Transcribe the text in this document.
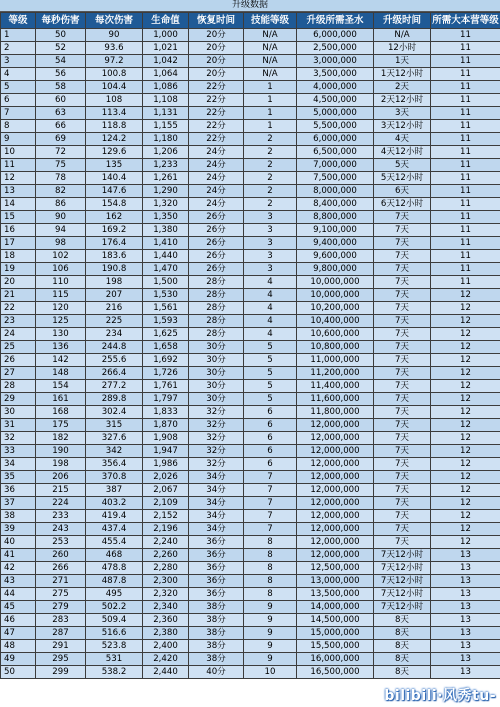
升级数据
等级	每秒伤害	每次伤害	生命值	恢复时间	技能等级	升级所需圣水	升级时间	所需大本营等级
1	50	90	1,000	20分	N/A	6,000,000	N/A	11
2	52	93.6	1,021	20分	N/A	2,500,000	12小时	11
3	54	97.2	1,042	20分	N/A	3,000,000	1天	11
4	56	100.8	1,064	20分	N/A	3,500,000	1天12小时	11
5	58	104.4	1,086	22分	1	4,000,000	2天	11
6	60	108	1,108	22分	1	4,500,000	2天12小时	11
7	63	113.4	1,131	22分	1	5,000,000	3天	11
8	66	118.8	1,155	22分	1	5,500,000	3天12小时	11
9	69	124.2	1,180	22分	2	6,000,000	4天	11
10	72	129.6	1,206	24分	2	6,500,000	4天12小时	11
11	75	135	1,233	24分	2	7,000,000	5天	11
12	78	140.4	1,261	24分	2	7,500,000	5天12小时	11
13	82	147.6	1,290	24分	2	8,000,000	6天	11
14	86	154.8	1,320	24分	2	8,400,000	6天12小时	11
15	90	162	1,350	26分	3	8,800,000	7天	11
16	94	169.2	1,380	26分	3	9,100,000	7天	11
17	98	176.4	1,410	26分	3	9,400,000	7天	11
18	102	183.6	1,440	26分	3	9,600,000	7天	11
19	106	190.8	1,470	26分	3	9,800,000	7天	11
20	110	198	1,500	28分	4	10,000,000	7天	11
21	115	207	1,530	28分	4	10,000,000	7天	12
22	120	216	1,561	28分	4	10,200,000	7天	12
23	125	225	1,593	28分	4	10,400,000	7天	12
24	130	234	1,625	28分	4	10,600,000	7天	12
25	136	244.8	1,658	30分	5	10,800,000	7天	12
26	142	255.6	1,692	30分	5	11,000,000	7天	12
27	148	266.4	1,726	30分	5	11,200,000	7天	12
28	154	277.2	1,761	30分	5	11,400,000	7天	12
29	161	289.8	1,797	30分	5	11,600,000	7天	12
30	168	302.4	1,833	32分	6	11,800,000	7天	12
31	175	315	1,870	32分	6	12,000,000	7天	12
32	182	327.6	1,908	32分	6	12,000,000	7天	12
33	190	342	1,947	32分	6	12,000,000	7天	12
34	198	356.4	1,986	32分	6	12,000,000	7天	12
35	206	370.8	2,026	34分	7	12,000,000	7天	12
36	215	387	2,067	34分	7	12,000,000	7天	12
37	224	403.2	2,109	34分	7	12,000,000	7天	12
38	233	419.4	2,152	34分	7	12,000,000	7天	12
39	243	437.4	2,196	34分	7	12,000,000	7天	12
40	253	455.4	2,240	36分	8	12,000,000	7天	12
41	260	468	2,260	36分	8	12,000,000	7天12小时	13
42	266	478.8	2,280	36分	8	12,500,000	7天12小时	13
43	271	487.8	2,300	36分	8	13,000,000	7天12小时	13
44	275	495	2,320	36分	8	13,500,000	7天12小时	13
45	279	502.2	2,340	38分	9	14,000,000	7天12小时	13
46	283	509.4	2,360	38分	9	14,500,000	8天	13
47	287	516.6	2,380	38分	9	15,000,000	8天	13
48	291	523.8	2,400	38分	9	15,500,000	8天	13
49	295	531	2,420	38分	9	16,000,000	8天	13
50	299	538.2	2,440	40分	10	16,500,000	8天	13
bilibili·风秀tu-
